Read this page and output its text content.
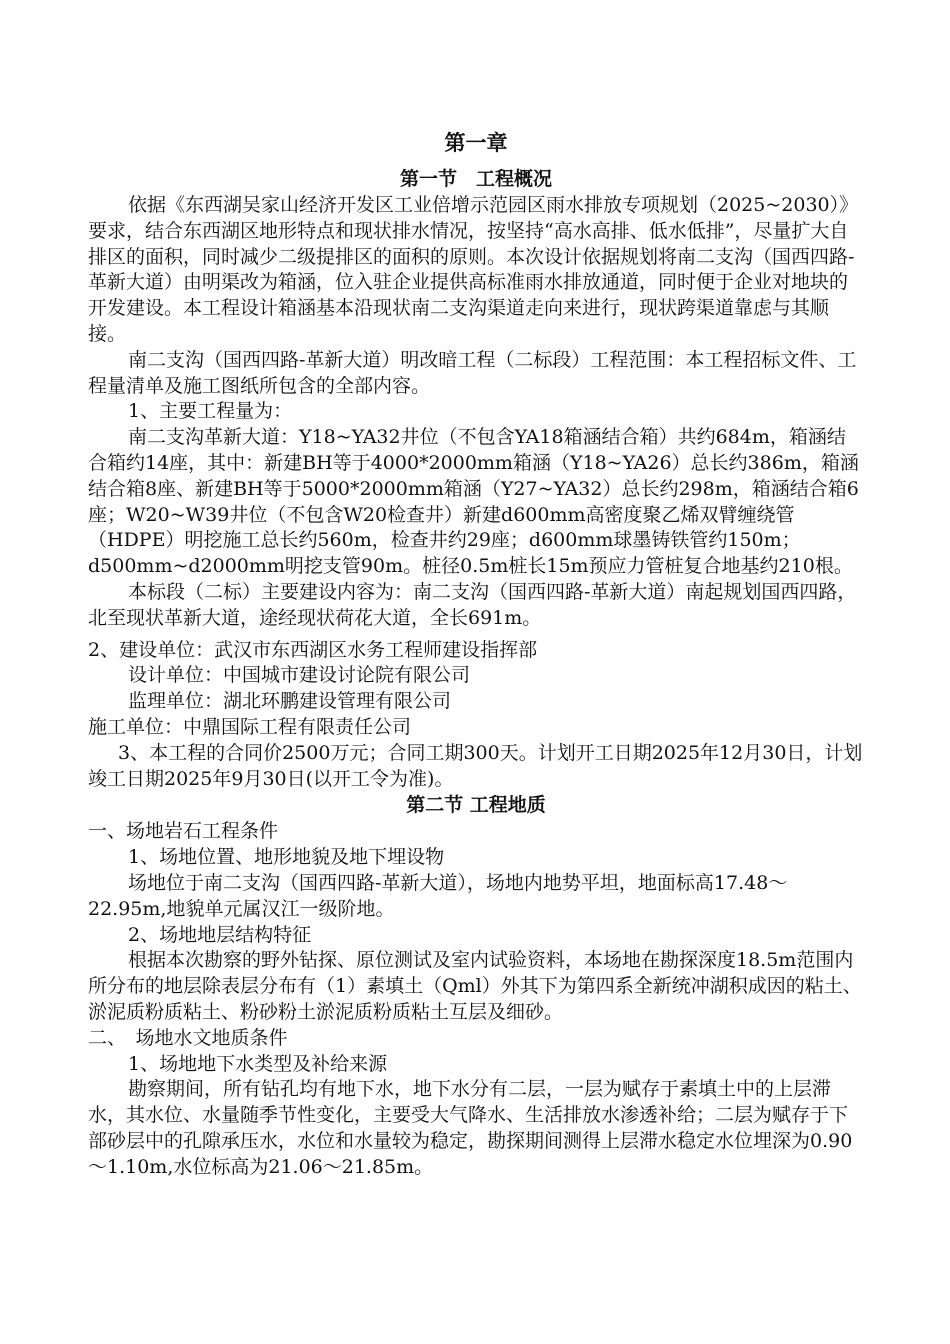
第一章
第一节　工程概况

依据《东西湖吴家山经济开发区工业倍增示范园区雨水排放专项规划（2025~2030）》要求，结合东西湖区地形特点和现状排水情况，按坚持“高水高排、低水低排”，尽量扩大自排区的面积，同时减少二级提排区的面积的原则。本次设计依据规划将南二支沟（国西四路-革新大道）由明渠改为箱涵，位入驻企业提供高标准雨水排放通道，同时便于企业对地块的开发建设。本工程设计箱涵基本沿现状南二支沟渠道走向来进行，现状跨渠道靠虑与其顺接。

南二支沟（国西四路-革新大道）明改暗工程（二标段）工程范围：本工程招标文件、工程量清单及施工图纸所包含的全部内容。

1、主要工程量为：

南二支沟革新大道：Y18~YA32井位（不包含YA18箱涵结合箱）共约684m，箱涵结合箱约14座，其中：新建BH等于4000*2000mm箱涵（Y18~YA26）总长约386m，箱涵结合箱8座、新建BH等于5000*2000mm箱涵（Y27~YA32）总长约298m，箱涵结合箱6座；W20~W39井位（不包含W20检查井）新建d600mm高密度聚乙烯双臂缠绕管（HDPE）明挖施工总长约560m，检查井约29座；d600mm球墨铸铁管约150m；d500mm~d2000mm明挖支管90m。桩径0.5m桩长15m预应力管桩复合地基约210根。

本标段（二标）主要建设内容为：南二支沟（国西四路-革新大道）南起规划国西四路，北至现状革新大道，途经现状荷花大道，全长691m。

2、建设单位：武汉市东西湖区水务工程师建设指挥部

设计单位：中国城市建设讨论院有限公司

监理单位：湖北环鹏建设管理有限公司

施工单位：中鼎国际工程有限责任公司

3、本工程的合同价2500万元；合同工期300天。计划开工日期2025年12月30日，计划竣工日期2025年9月30日(以开工令为准)。

第二节 工程地质

一、场地岩石工程条件

1、场地位置、地形地貌及地下埋设物

场地位于南二支沟（国西四路-革新大道），场地内地势平坦，地面标高17.48～22.95m,地貌单元属汉江一级阶地。

2、场地地层结构特征

根据本次勘察的野外钻探、原位测试及室内试验资料，本场地在勘探深度18.5m范围内所分布的地层除表层分布有（1）素填土（Qml）外其下为第四系全新统冲湖积成因的粘土、淤泥质粉质粘土、粉砂粉土淤泥质粉质粘土互层及细砂。

二、　场地水文地质条件

1、场地地下水类型及补给来源

勘察期间，所有钻孔均有地下水，地下水分有二层，一层为赋存于素填土中的上层滞水，其水位、水量随季节性变化，主要受大气降水、生活排放水渗透补给；二层为赋存于下部砂层中的孔隙承压水，水位和水量较为稳定，勘探期间测得上层滞水稳定水位埋深为0.90～1.10m,水位标高为21.06～21.85m。
